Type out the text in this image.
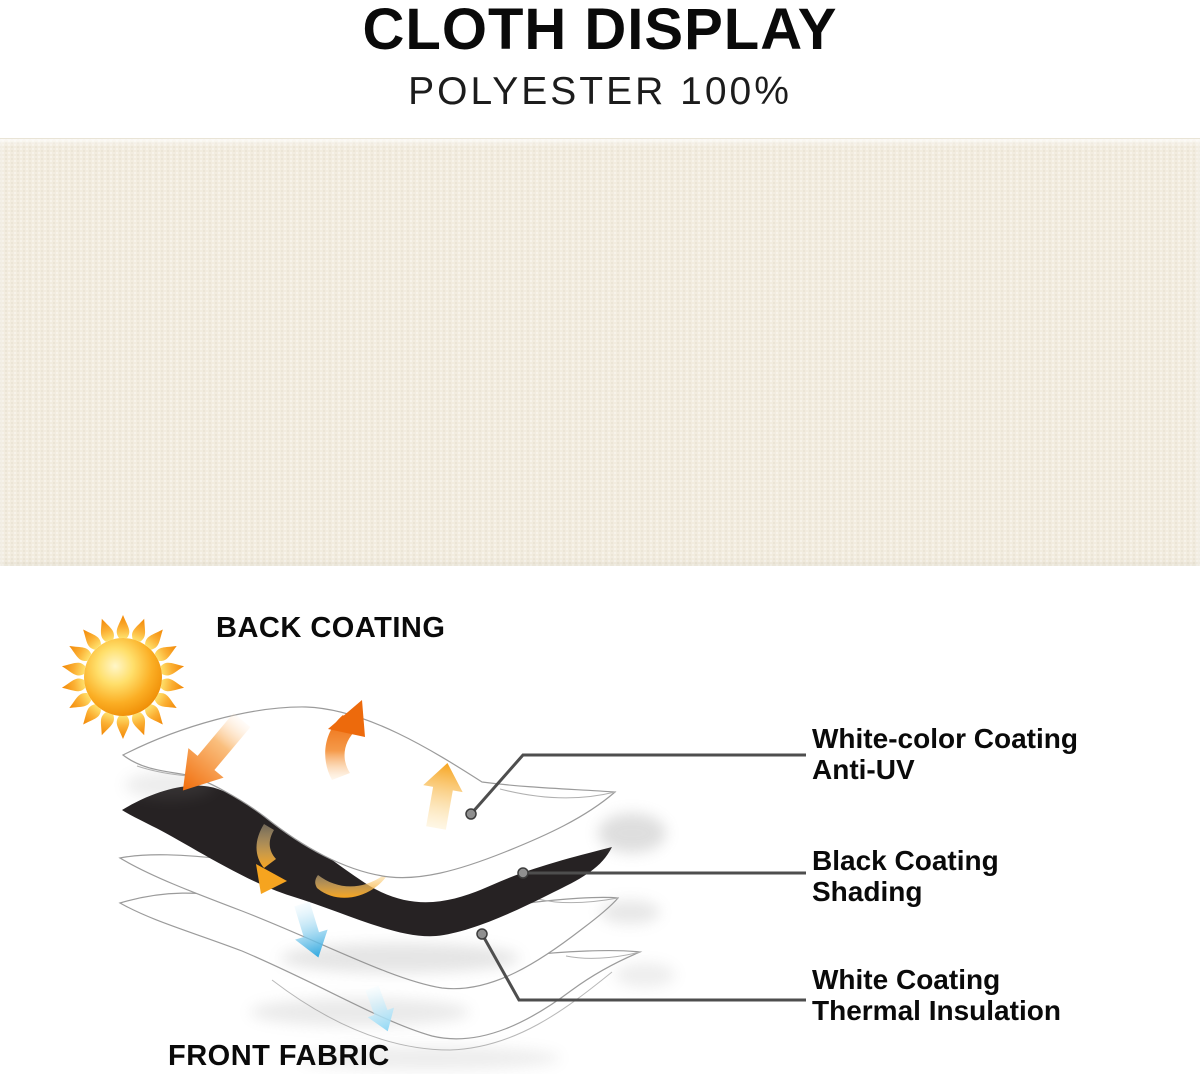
CLOTH DISPLAY
POLYESTER 100%
BACK COATING
FRONT FABRIC
White-color Coating
Anti-UV
Black Coating
Shading
White Coating
Thermal Insulation
